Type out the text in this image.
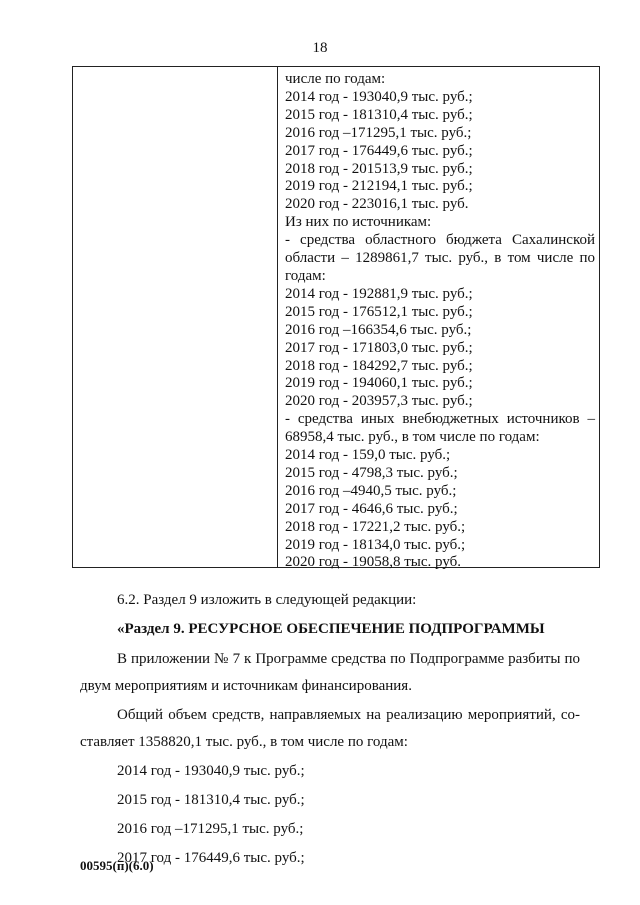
18
числе по годам:
2014 год - 193040,9 тыс. руб.;
2015 год - 181310,4 тыс. руб.;
2016 год –171295,1 тыс. руб.;
2017 год - 176449,6 тыс. руб.;
2018 год - 201513,9 тыс. руб.;
2019 год - 212194,1 тыс. руб.;
2020 год - 223016,1 тыс. руб.
Из них по источникам:
- средства областного бюджета Сахалинской
области – 1289861,7 тыс. руб., в том числе по
годам:
2014 год - 192881,9 тыс. руб.;
2015 год - 176512,1 тыс. руб.;
2016 год –166354,6 тыс. руб.;
2017 год - 171803,0 тыс. руб.;
2018 год - 184292,7 тыс. руб.;
2019 год - 194060,1 тыс. руб.;
2020 год - 203957,3 тыс. руб.;
- средства иных внебюджетных источников –
68958,4 тыс. руб., в том числе по годам:
2014 год - 159,0 тыс. руб.;
2015 год - 4798,3 тыс. руб.;
2016 год –4940,5 тыс. руб.;
2017 год - 4646,6 тыс. руб.;
2018 год - 17221,2 тыс. руб.;
2019 год - 18134,0 тыс. руб.;
2020 год - 19058,8 тыс. руб.
6.2. Раздел 9 изложить в следующей редакции:
«Раздел 9. РЕСУРСНОЕ ОБЕСПЕЧЕНИЕ ПОДПРОГРАММЫ
В приложении № 7 к Программе средства по Подпрограмме разбиты по
двум мероприятиям и источникам финансирования.
Общий объем средств, направляемых на реализацию мероприятий, со-
ставляет 1358820,1 тыс. руб., в том числе по годам:
2014 год - 193040,9 тыс. руб.;
2015 год - 181310,4 тыс. руб.;
2016 год –171295,1 тыс. руб.;
2017 год - 176449,6 тыс. руб.;
00595(п)(6.0)
